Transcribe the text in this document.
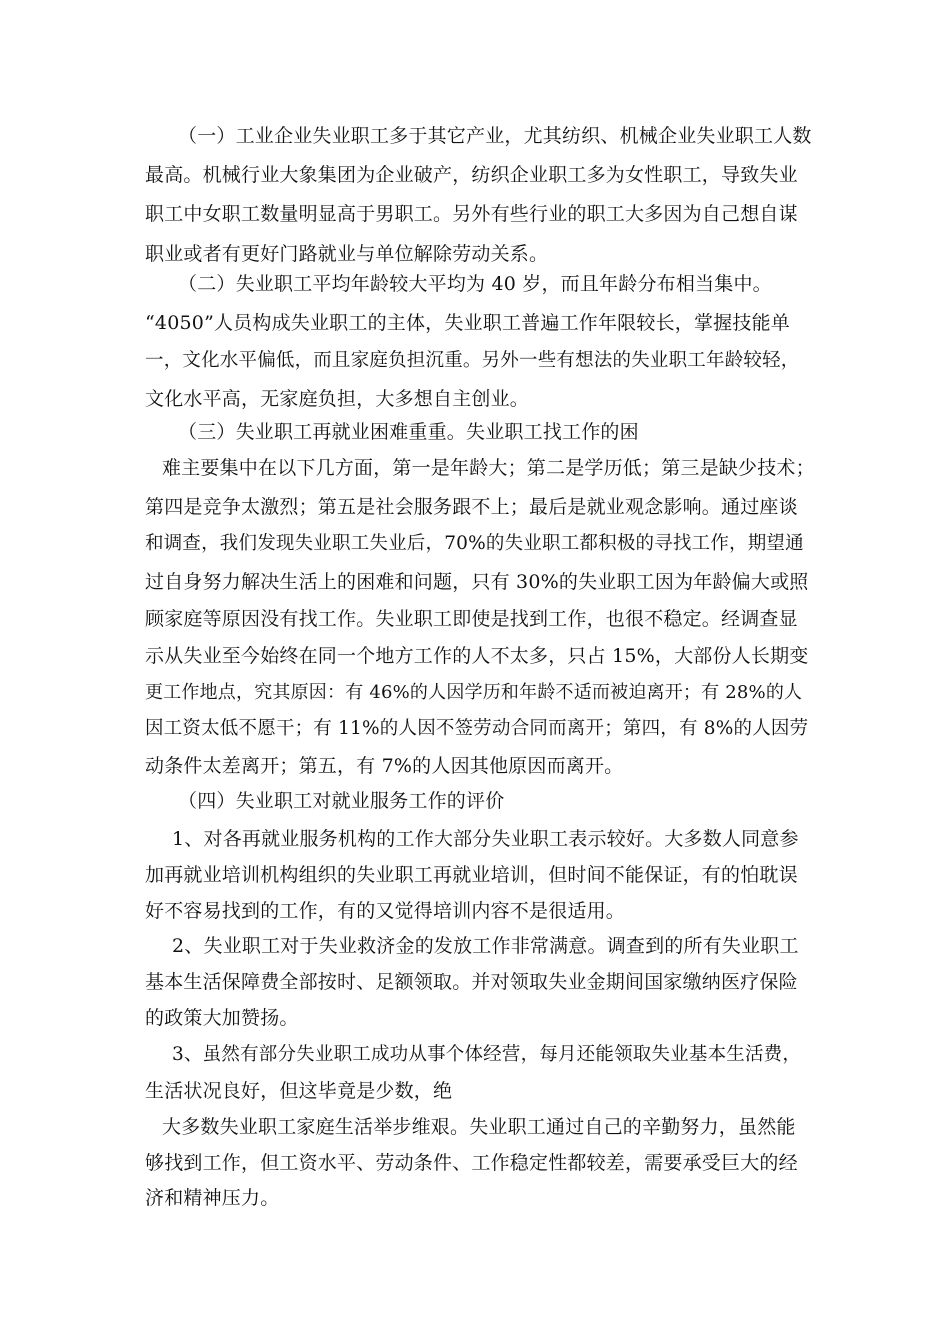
（一）工业企业失业职工多于其它产业，尤其纺织、机械企业失业职工人数
最高。机械行业大象集团为企业破产，纺织企业职工多为女性职工，导致失业
职工中女职工数量明显高于男职工。另外有些行业的职工大多因为自己想自谋
职业或者有更好门路就业与单位解除劳动关系。
（二）失业职工平均年龄较大平均为 40 岁，而且年龄分布相当集中。
“4050”人员构成失业职工的主体，失业职工普遍工作年限较长，掌握技能单
一，文化水平偏低，而且家庭负担沉重。另外一些有想法的失业职工年龄较轻，
文化水平高，无家庭负担，大多想自主创业。
（三）失业职工再就业困难重重。失业职工找工作的困
难主要集中在以下几方面，第一是年龄大；第二是学历低；第三是缺少技术；
第四是竞争太激烈；第五是社会服务跟不上；最后是就业观念影响。通过座谈
和调查，我们发现失业职工失业后，70%的失业职工都积极的寻找工作，期望通
过自身努力解决生活上的困难和问题，只有 30%的失业职工因为年龄偏大或照
顾家庭等原因没有找工作。失业职工即使是找到工作，也很不稳定。经调查显
示从失业至今始终在同一个地方工作的人不太多，只占 15%，大部份人长期变
更工作地点，究其原因：有 46%的人因学历和年龄不适而被迫离开；有 28%的人
因工资太低不愿干；有 11%的人因不签劳动合同而离开；第四，有 8%的人因劳
动条件太差离开；第五，有 7%的人因其他原因而离开。
（四）失业职工对就业服务工作的评价
1、对各再就业服务机构的工作大部分失业职工表示较好。大多数人同意参
加再就业培训机构组织的失业职工再就业培训，但时间不能保证，有的怕耽误
好不容易找到的工作，有的又觉得培训内容不是很适用。
2、失业职工对于失业救济金的发放工作非常满意。调查到的所有失业职工
基本生活保障费全部按时、足额领取。并对领取失业金期间国家缴纳医疗保险
的政策大加赞扬。
3、虽然有部分失业职工成功从事个体经营，每月还能领取失业基本生活费，
生活状况良好，但这毕竟是少数，绝
大多数失业职工家庭生活举步维艰。失业职工通过自己的辛勤努力，虽然能
够找到工作，但工资水平、劳动条件、工作稳定性都较差，需要承受巨大的经
济和精神压力。
